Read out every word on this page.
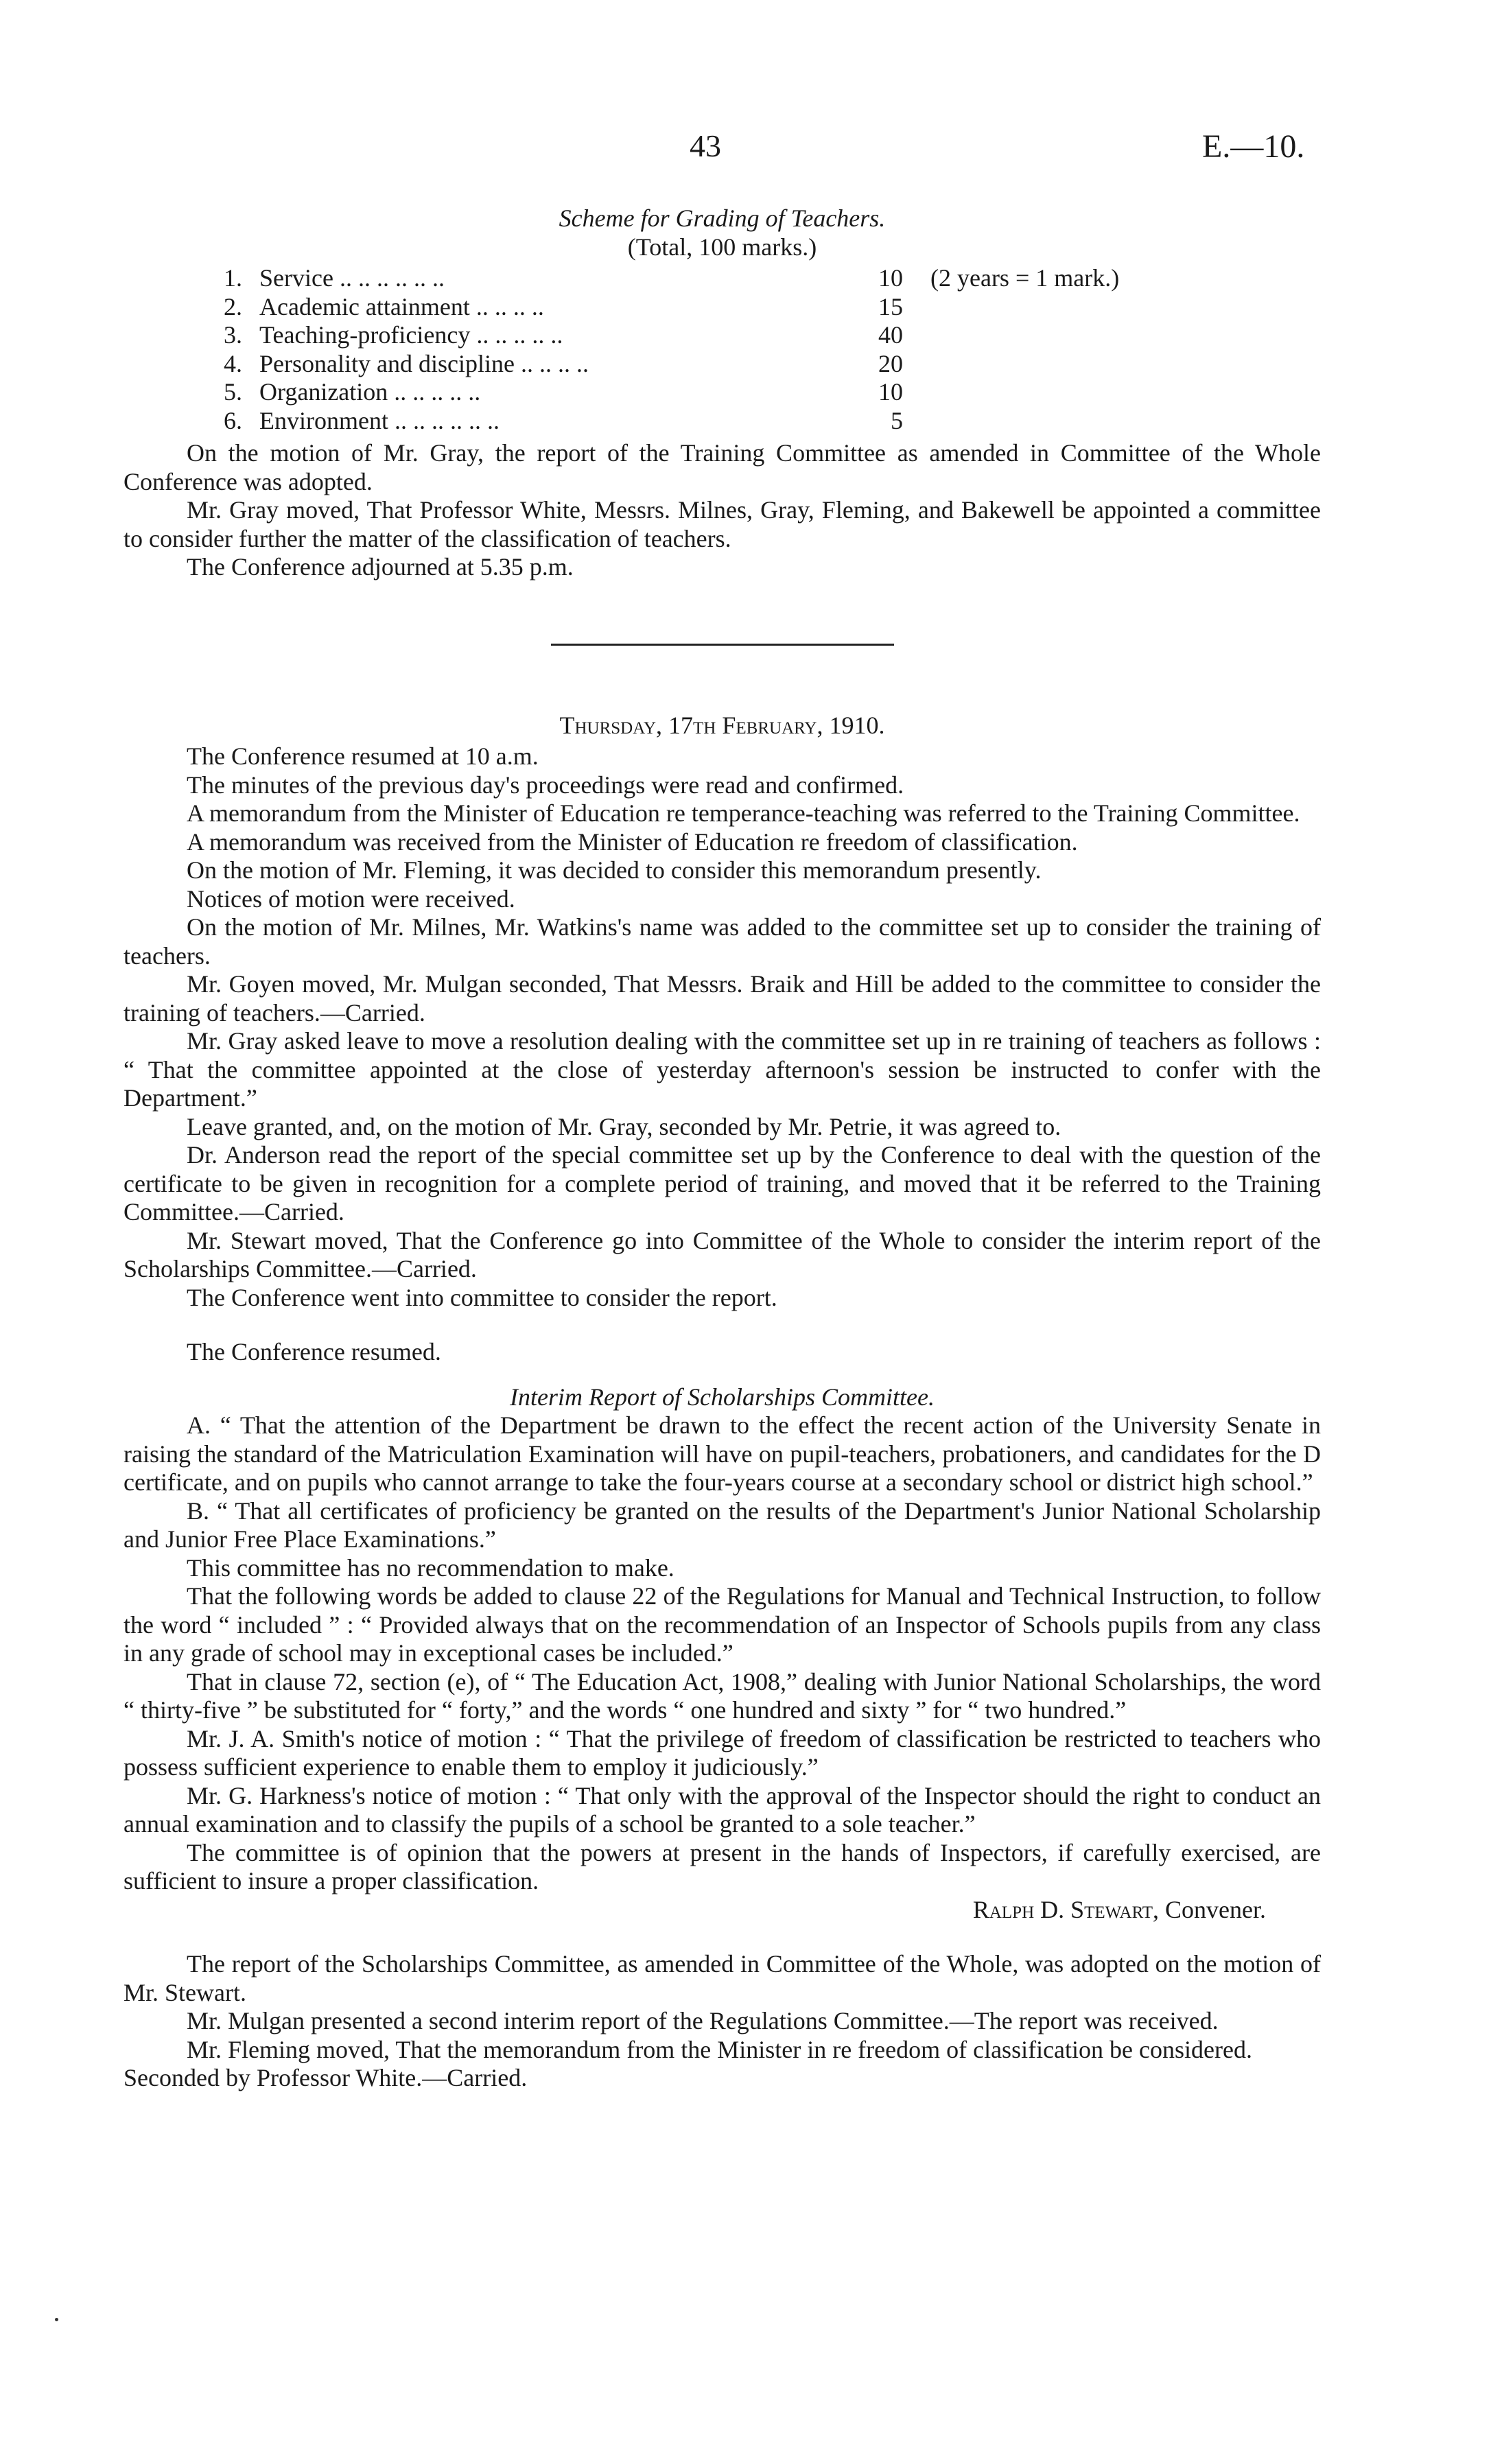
43	E.—10.
Scheme for Grading of Teachers.
(Total, 100 marks.)
1. Service .. .. .. .. .. ..	10 (2 years = 1 mark.)
2. Academic attainment .. .. .. ..	15
3. Teaching-proficiency .. .. .. .. ..	40
4. Personality and discipline .. .. .. ..	20
5. Organization .. .. .. .. ..	10
6. Environment .. .. .. .. .. ..	5

On the motion of Mr. Gray, the report of the Training Committee as amended in Committee of the Whole Conference was adopted.

Mr. Gray moved, That Professor White, Messrs. Milnes, Gray, Fleming, and Bakewell be appointed a committee to consider further the matter of the classification of teachers.

The Conference adjourned at 5.35 p.m.

Thursday, 17th February, 1910.

The Conference resumed at 10 a.m.

The minutes of the previous day's proceedings were read and confirmed.

A memorandum from the Minister of Education re temperance-teaching was referred to the Training Committee.

A memorandum was received from the Minister of Education re freedom of classification.

On the motion of Mr. Fleming, it was decided to consider this memorandum presently.

Notices of motion were received.

On the motion of Mr. Milnes, Mr. Watkins's name was added to the committee set up to consider the training of teachers.

Mr. Goyen moved, Mr. Mulgan seconded, That Messrs. Braik and Hill be added to the committee to consider the training of teachers.—Carried.

Mr. Gray asked leave to move a resolution dealing with the committee set up in re training of teachers as follows : “ That the committee appointed at the close of yesterday afternoon's session be instructed to confer with the Department.”

Leave granted, and, on the motion of Mr. Gray, seconded by Mr. Petrie, it was agreed to.

Dr. Anderson read the report of the special committee set up by the Conference to deal with the question of the certificate to be given in recognition for a complete period of training, and moved that it be referred to the Training Committee.—Carried.

Mr. Stewart moved, That the Conference go into Committee of the Whole to consider the interim report of the Scholarships Committee.—Carried.

The Conference went into committee to consider the report.

The Conference resumed.

Interim Report of Scholarships Committee.

A. “ That the attention of the Department be drawn to the effect the recent action of the University Senate in raising the standard of the Matriculation Examination will have on pupil-teachers, probationers, and candidates for the D certificate, and on pupils who cannot arrange to take the four-years course at a secondary school or district high school.”

B. “ That all certificates of proficiency be granted on the results of the Department's Junior National Scholarship and Junior Free Place Examinations.”

This committee has no recommendation to make.

That the following words be added to clause 22 of the Regulations for Manual and Technical Instruction, to follow the word “ included ” : “ Provided always that on the recommendation of an Inspector of Schools pupils from any class in any grade of school may in exceptional cases be included.”

That in clause 72, section (e), of “ The Education Act, 1908,” dealing with Junior National Scholarships, the word “ thirty-five ” be substituted for “ forty,” and the words “ one hundred and sixty ” for “ two hundred.”

Mr. J. A. Smith's notice of motion : “ That the privilege of freedom of classification be restricted to teachers who possess sufficient experience to enable them to employ it judiciously.”

Mr. G. Harkness's notice of motion : “ That only with the approval of the Inspector should the right to conduct an annual examination and to classify the pupils of a school be granted to a sole teacher.”

The committee is of opinion that the powers at present in the hands of Inspectors, if carefully exercised, are sufficient to insure a proper classification.

Ralph D. Stewart, Convener.

The report of the Scholarships Committee, as amended in Committee of the Whole, was adopted on the motion of Mr. Stewart.

Mr. Mulgan presented a second interim report of the Regulations Committee.—The report was received.

Mr. Fleming moved, That the memorandum from the Minister in re freedom of classification be considered. Seconded by Professor White.—Carried.
